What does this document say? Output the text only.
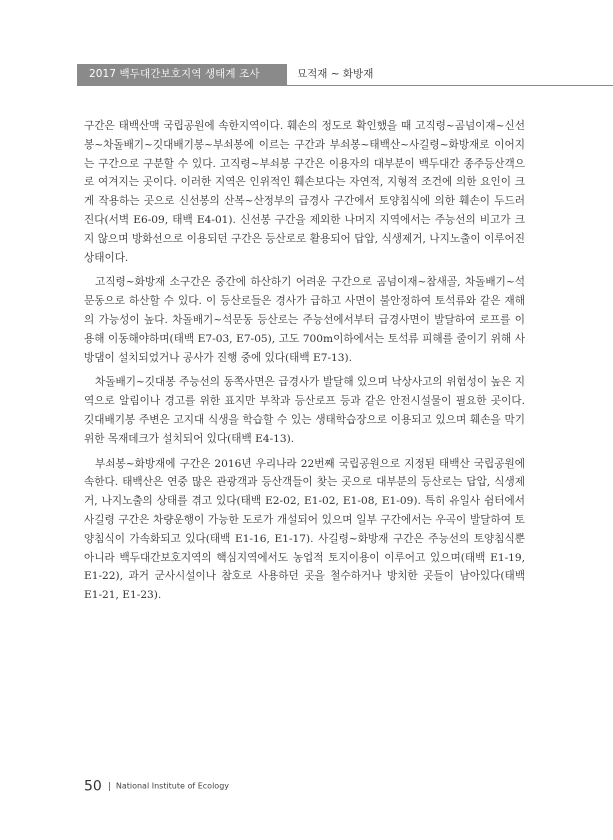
2017 백두대간보호지역 생태계 조사	묘적재 ~ 화방재

구간은 태백산맥 국립공원에 속한지역이다. 훼손의 정도로 확인했을 때 고직령~곰넘이재~신선봉~차돌배기~깃대배기봉~부쇠봉에 이르는 구간과 부쇠봉~태백산~사길령~화방재로 이어지는 구간으로 구분할 수 있다. 고직령~부쇠봉 구간은 이용자의 대부분이 백두대간 종주등산객으로 여겨지는 곳이다. 이러한 지역은 인위적인 훼손보다는 자연적, 지형적 조건에 의한 요인이 크게 작용하는 곳으로 신선봉의 산복~산정부의 급경사 구간에서 토양침식에 의한 훼손이 두드러진다(서벽 E6-09, 태백 E4-01). 신선봉 구간을 제외한 나머지 지역에서는 주능선의 비고가 크지 않으며 방화선으로 이용되던 구간은 등산로로 활용되어 답압, 식생제거, 나지노출이 이루어진 상태이다.

고직령~화방재 소구간은 중간에 하산하기 어려운 구간으로 곰넘이재~참새골, 차돌배기~석문동으로 하산할 수 있다. 이 등산로들은 경사가 급하고 사면이 불안정하여 토석류와 같은 재해의 가능성이 높다. 차돌배기~석문동 등산로는 주능선에서부터 급경사면이 발달하여 로프를 이용해 이동해야하며(태백 E7-03, E7-05), 고도 700m이하에서는 토석류 피해를 줄이기 위해 사방댐이 설치되었거나 공사가 진행 중에 있다(태백 E7-13).

차돌배기~깃대봉 주능선의 동쪽사면은 급경사가 발달해 있으며 낙상사고의 위험성이 높은 지역으로 알림이나 경고를 위한 표지만 부착과 등산로프 등과 같은 안전시설물이 필요한 곳이다. 깃대배기봉 주변은 고지대 식생을 학습할 수 있는 생태학습장으로 이용되고 있으며 훼손을 막기위한 목재데크가 설치되어 있다(태백 E4-13).

부쇠봉~화방재에 구간은 2016년 우리나라 22번째 국립공원으로 지정된 태백산 국립공원에 속한다. 태백산은 연중 많은 관광객과 등산객들이 찾는 곳으로 대부분의 등산로는 답압, 식생제거, 나지노출의 상태를 겪고 있다(태백 E2-02, E1-02, E1-08, E1-09). 특히 유일사 쉼터에서 사길령 구간은 차량운행이 가능한 도로가 개설되어 있으며 일부 구간에서는 우곡이 발달하여 토양침식이 가속화되고 있다(태백 E1-16, E1-17). 사길령~화방재 구간은 주능선의 토양침식뿐 아니라 백두대간보호지역의 핵심지역에서도 농업적 토지이용이 이루어고 있으며(태백 E1-19, E1-22), 과거 군사시설이나 참호로 사용하던 곳을 철수하거나 방치한 곳들이 남아있다(태백 E1-21, E1-23).

50 National Institute of Ecology
